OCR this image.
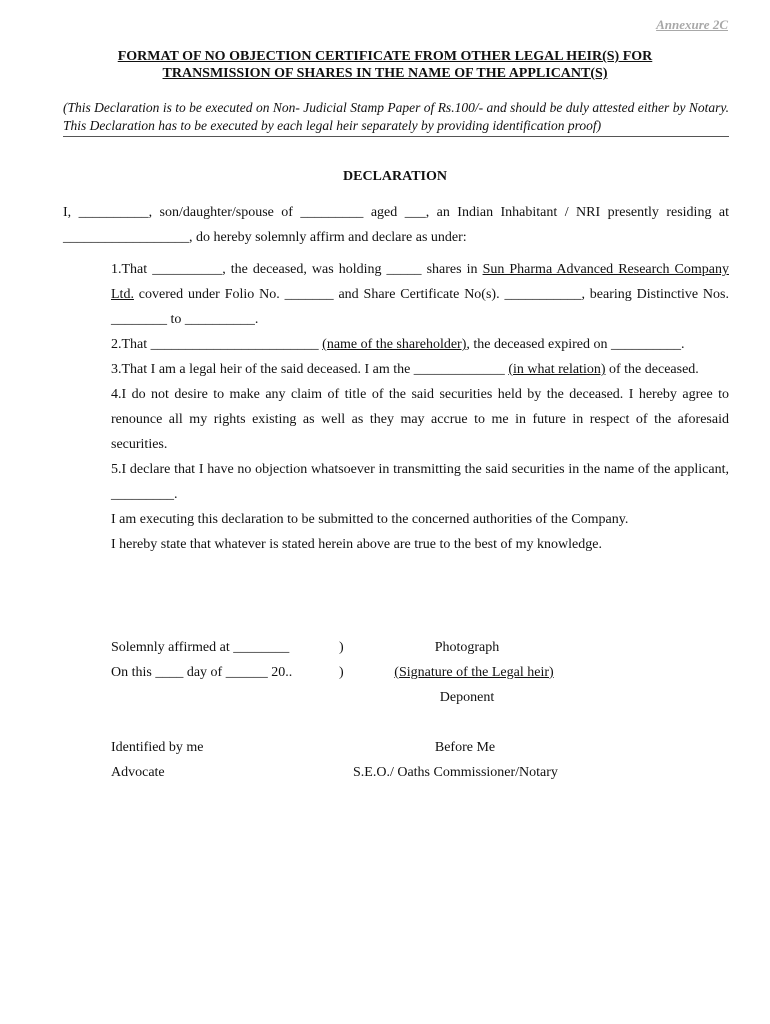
Annexure 2C
FORMAT OF NO OBJECTION CERTIFICATE FROM OTHER LEGAL HEIR(S) FOR
TRANSMISSION OF SHARES IN THE NAME OF THE APPLICANT(S)
(This Declaration is to be executed on Non- Judicial Stamp Paper of Rs.100/- and should be duly attested either by Notary. This Declaration has to be executed by each legal heir separately by providing identification proof)
DECLARATION
I, __________, son/daughter/spouse of _________ aged ___, an Indian Inhabitant / NRI presently residing at __________________, do hereby solemnly affirm and declare as under:

1.That __________, the deceased, was holding _____ shares in Sun Pharma Advanced Research Company Ltd. covered under Folio No. _______ and Share Certificate No(s). ___________, bearing Distinctive Nos. ________ to __________.

2.That ________________________ (name of the shareholder), the deceased expired on __________.

3.That I am a legal heir of the said deceased. I am the _____________ (in what relation) of the deceased.

4.I do not desire to make any claim of title of the said securities held by the deceased. I hereby agree to renounce all my rights existing as well as they may accrue to me in future in respect of the aforesaid securities.

5.I declare that I have no objection whatsoever in transmitting the said securities in the name of the applicant, _________.

I am executing this declaration to be submitted to the concerned authorities of the Company.

I hereby state that whatever is stated herein above are true to the best of my knowledge.

Solemnly affirmed at ________	)	Photograph
On this ____ day of ______ 20..	)	(Signature of the Legal heir)
Deponent
Identified by me	Before Me
Advocate	S.E.O./ Oaths Commissioner/Notary
